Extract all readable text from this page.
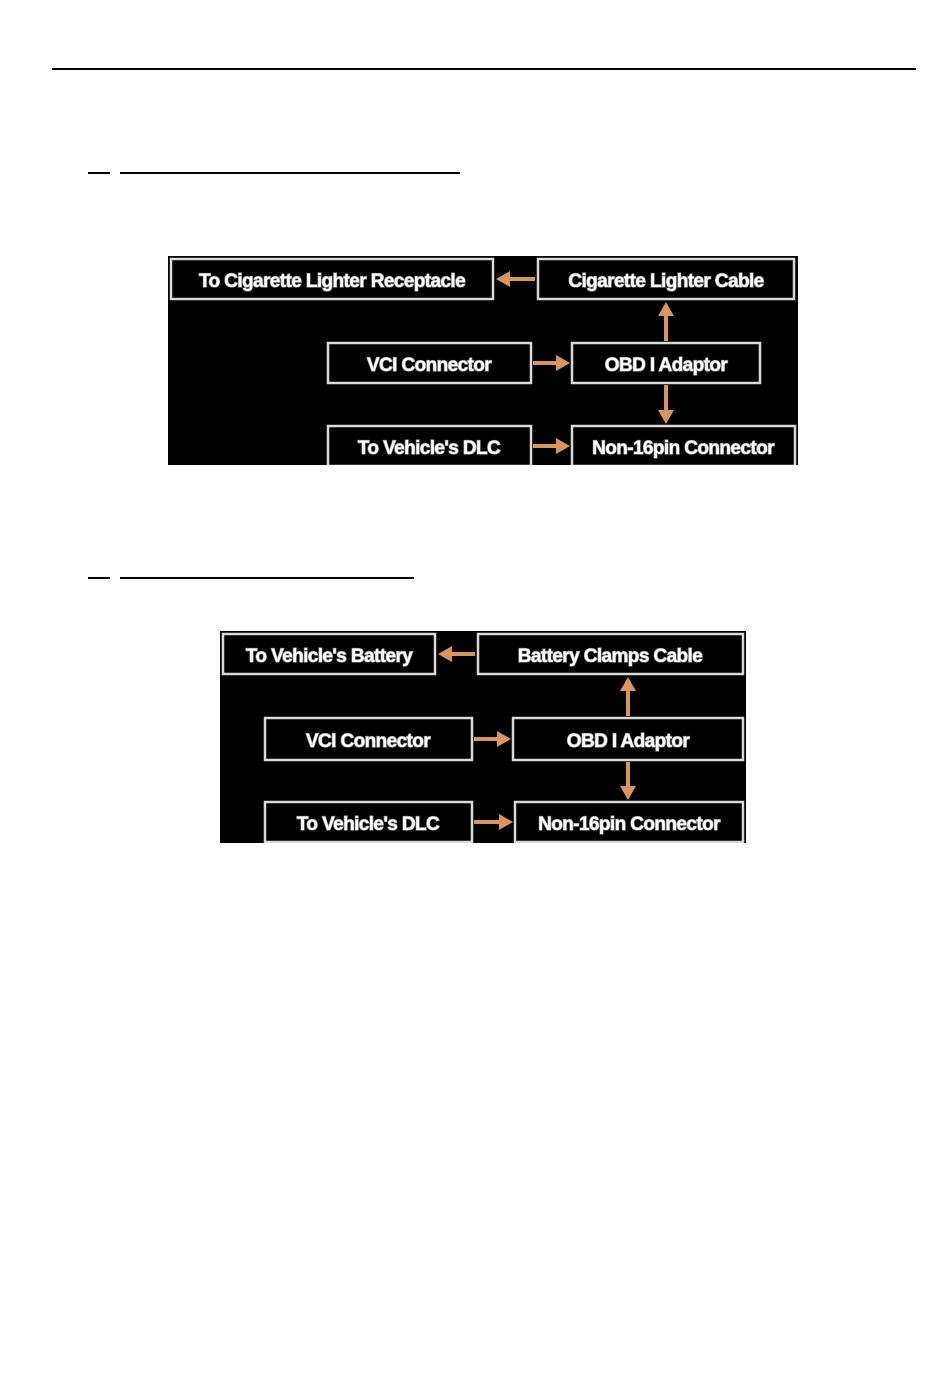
To Cigarette Lighter Receptacle	Cigarette Lighter Cable
VCI Connector	OBD I Adaptor
To Vehicle's DLC	Non-16pin Connector
To Vehicle's Battery	Battery Clamps Cable
VCI Connector	OBD I Adaptor
To Vehicle's DLC	Non-16pin Connector
